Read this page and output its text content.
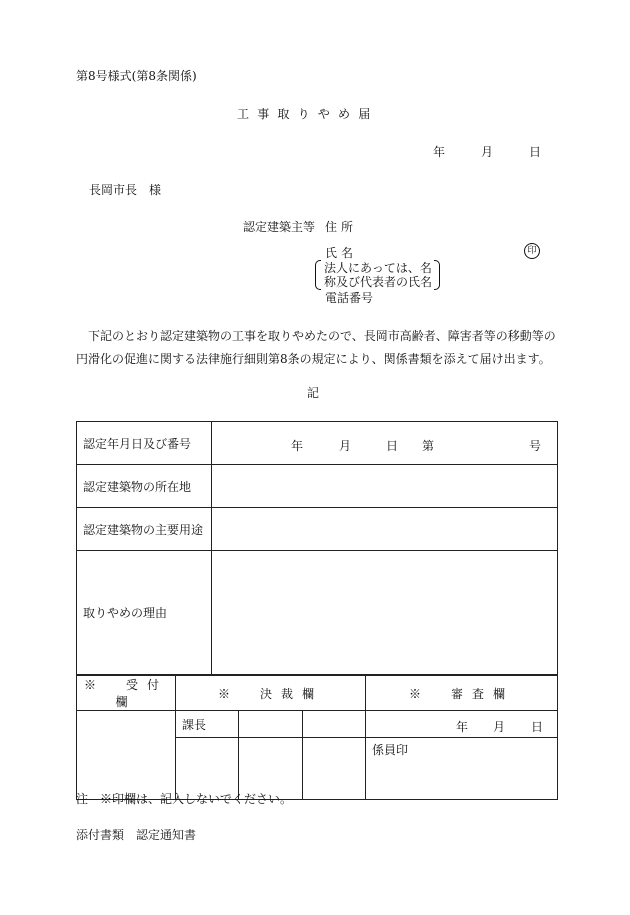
第8号様式(第8条関係)
工事取りやめ届
年	月	日
長岡市長　様
認定建築主等 住所
氏名	印
法人にあっては、名
称及び代表者の氏名
電話番号
下記のとおり認定建築物の工事を取りやめたので、長岡市高齢者、障害者等の移動等の円滑化の促進に関する法律施行細則第8条の規定により、関係書類を添えて届け出ます。
記
認定年月日及び番号	年 月 日 第 号

認定建築物の所在地	
認定建築物の主要用途	
取りやめの理由	
※　受付欄	※　決裁欄			※　審査欄
	課長			年 月 日

				係員印
注　※印欄は、記入しないでください。
添付書類　認定通知書
